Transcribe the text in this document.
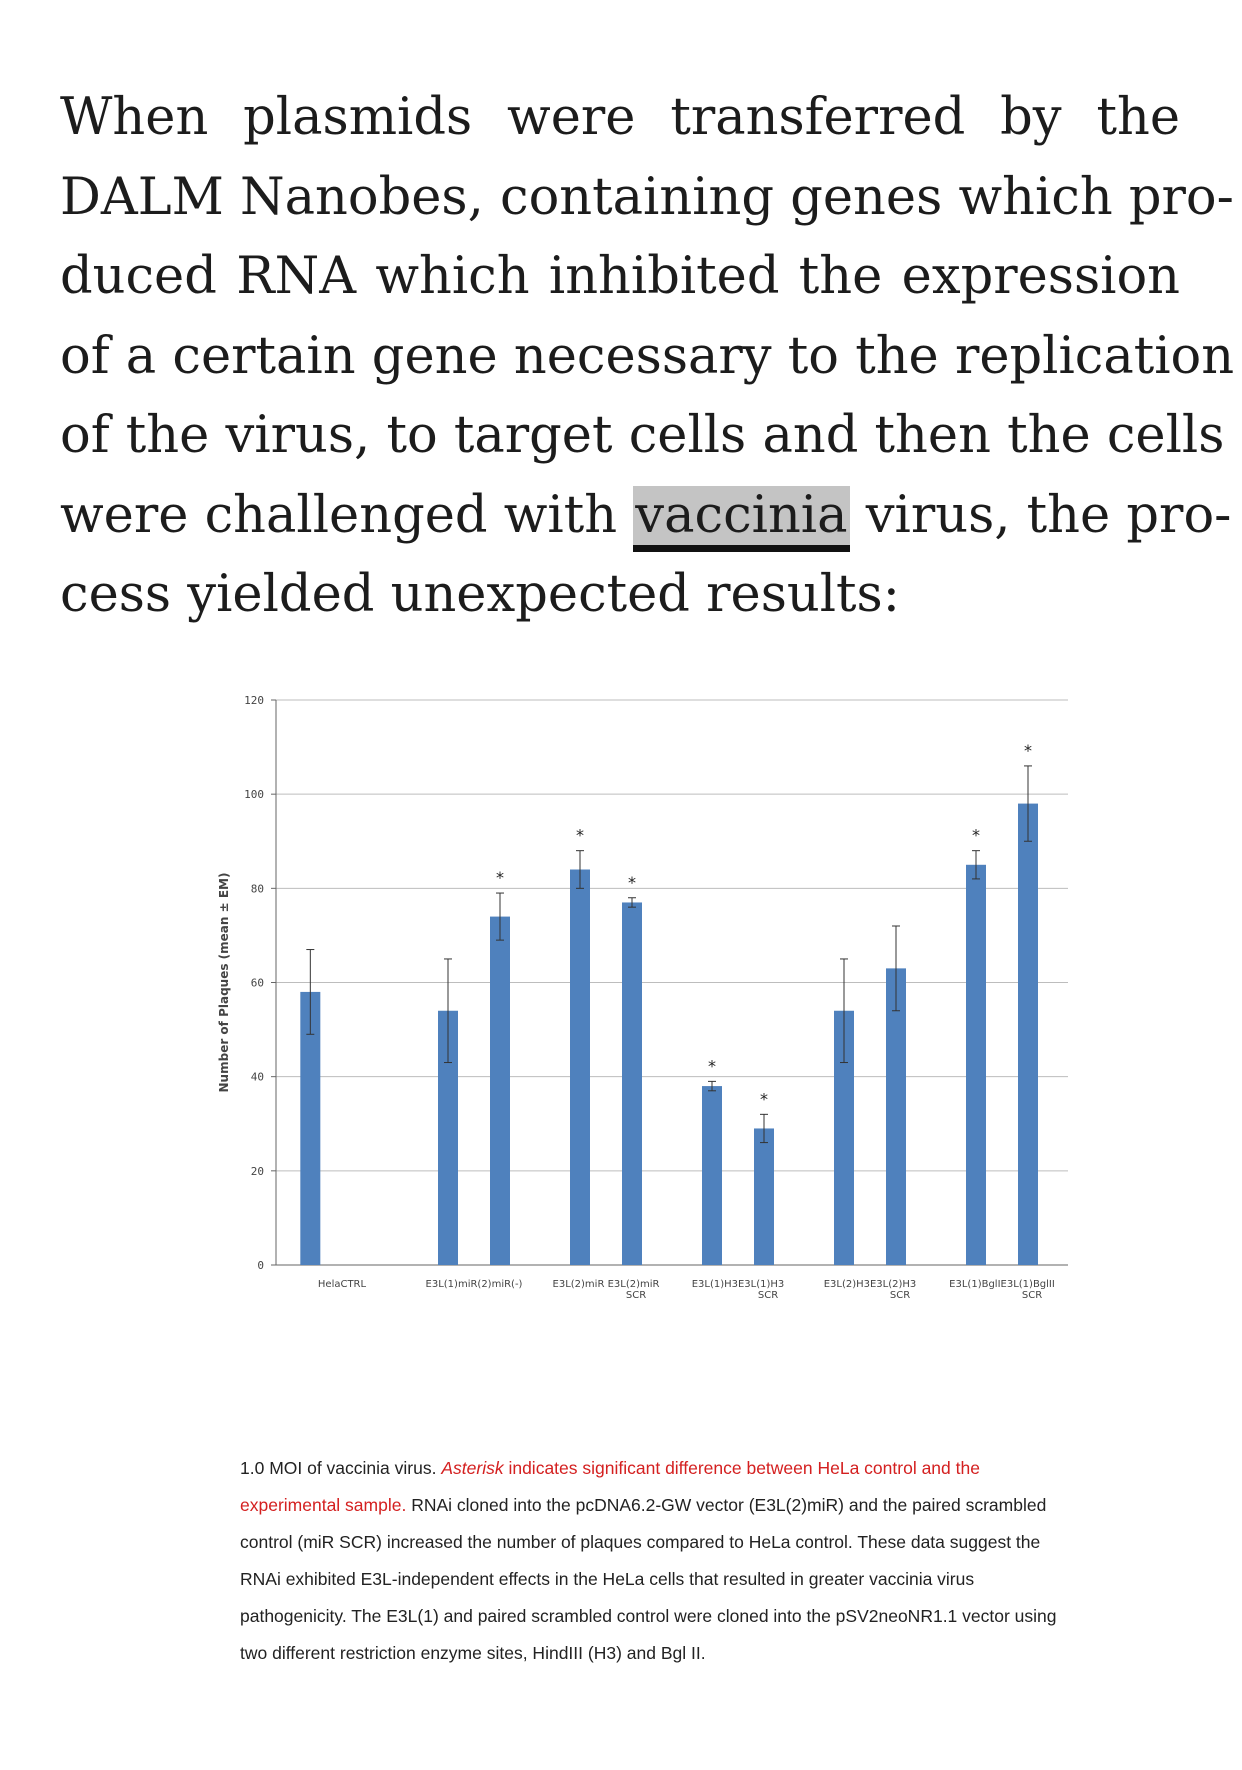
When plasmids were transferred by the
DALM Nanobes, containing genes which pro-
duced RNA which inhibited the expression
of a certain gene necessary to the replication
of the virus, to target cells and then the cells
were challenged with vaccinia virus, the pro-
cess yielded unexpected results:
0
20
40
60
80
100
120
Number of Plaques (mean ± EM)	*
*
*
*
*
*
*
HelaCTRL	E3L(1)miR(2)miR(-)	E3L(2)miR E3L(2)miR
SCR
E3L(1)H3E3L(1)H3
SCR
E3L(2)H3E3L(2)H3
SCR
E3L(1)BglIE3L(1)BglII
SCR
1.0 MOI of vaccinia virus. Asterisk indicates significant difference between HeLa control and the experimental sample. RNAi cloned into the pcDNA6.2-GW vector (E3L(2)miR) and the paired scrambled control (miR SCR) increased the number of plaques compared to HeLa control. These data suggest the RNAi exhibited E3L-independent effects in the HeLa cells that resulted in greater vaccinia virus pathogenicity. The E3L(1) and paired scrambled control were cloned into the pSV2neoNR1.1 vector using two different restriction enzyme sites, HindIII (H3) and Bgl II.
